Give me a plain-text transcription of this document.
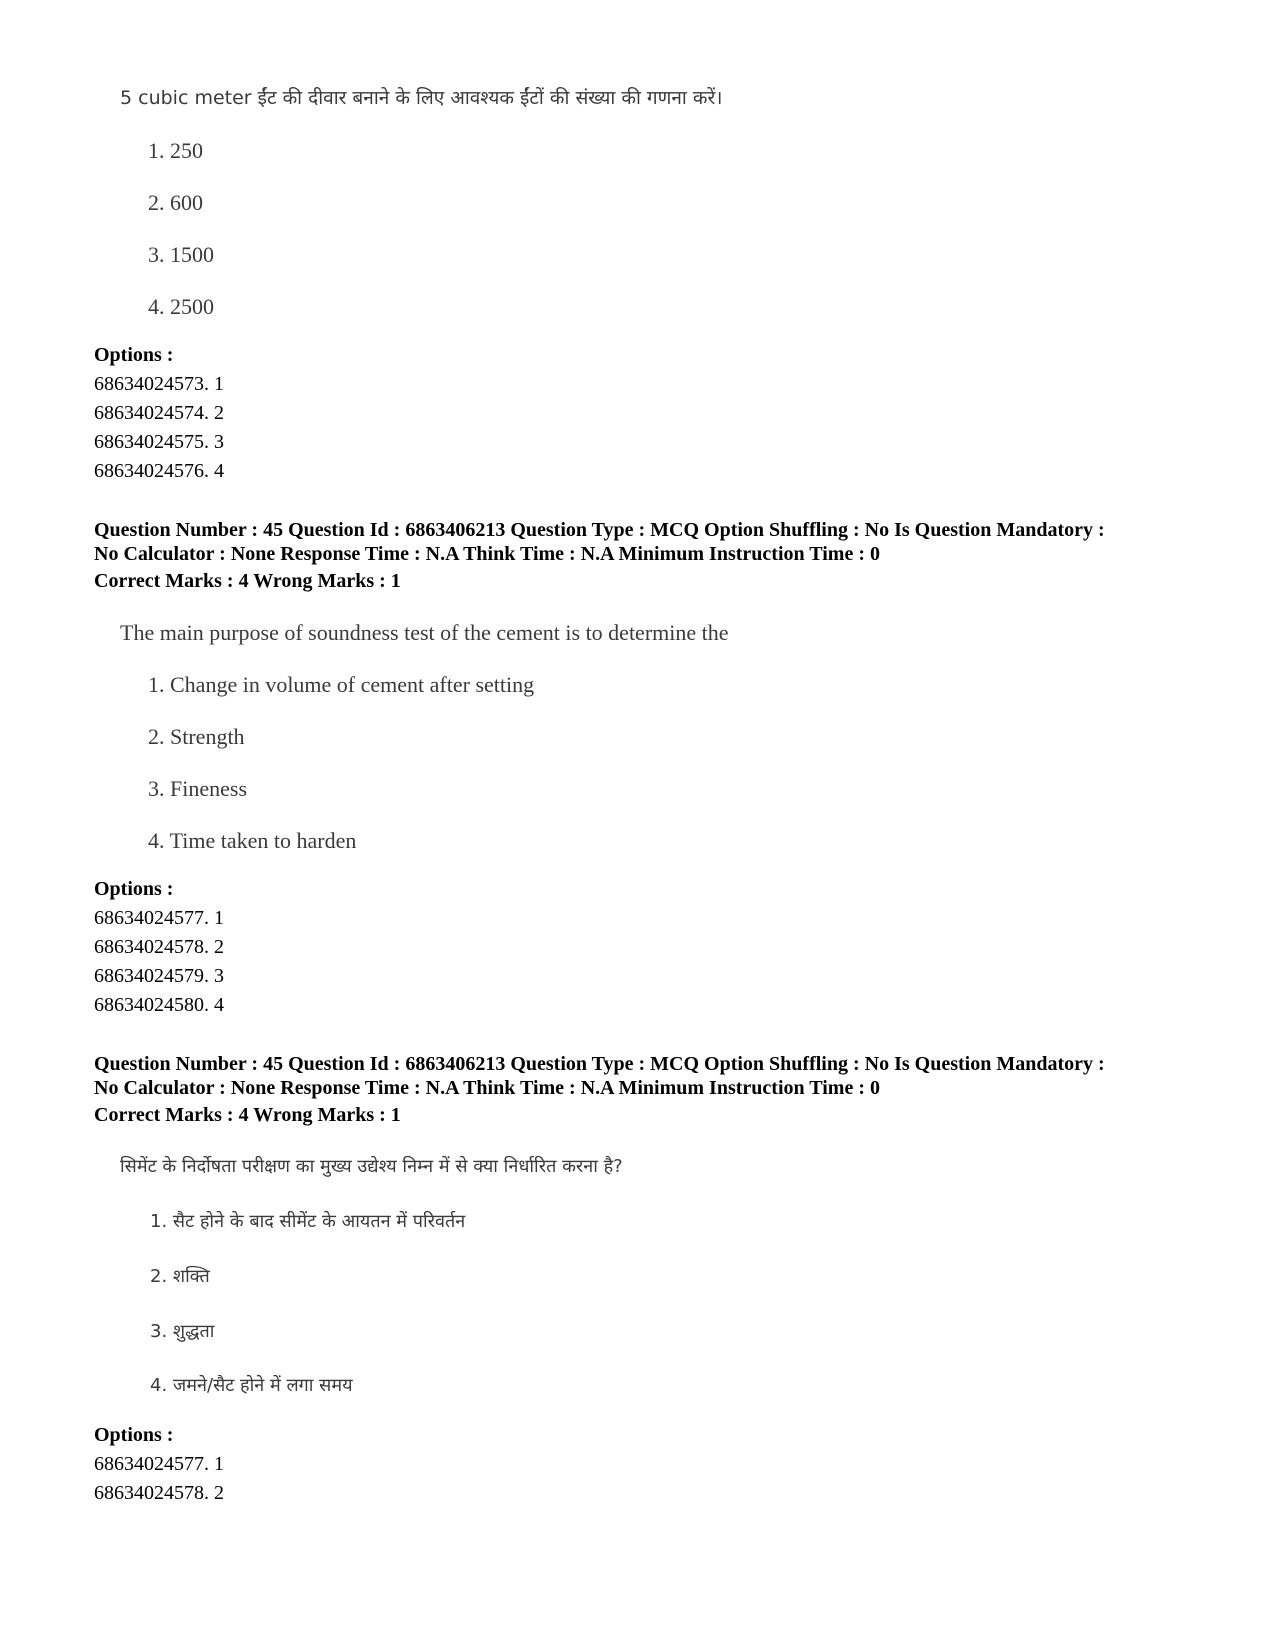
5 cubic meter ईंट की दीवार बनाने के लिए आवश्यक ईंटों की संख्या की गणना करें।
1. 250
2. 600
3. 1500
4. 2500
Options :
68634024573. 1
68634024574. 2
68634024575. 3
68634024576. 4
Question Number : 45 Question Id : 6863406213 Question Type : MCQ Option Shuffling : No Is Question Mandatory :
No Calculator : None Response Time : N.A Think Time : N.A Minimum Instruction Time : 0
Correct Marks : 4 Wrong Marks : 1
The main purpose of soundness test of the cement is to determine the
1. Change in volume of cement after setting
2. Strength
3. Fineness
4. Time taken to harden
Options :
68634024577. 1
68634024578. 2
68634024579. 3
68634024580. 4
Question Number : 45 Question Id : 6863406213 Question Type : MCQ Option Shuffling : No Is Question Mandatory :
No Calculator : None Response Time : N.A Think Time : N.A Minimum Instruction Time : 0
Correct Marks : 4 Wrong Marks : 1
सिमेंट के निर्दोषता परीक्षण का मुख्य उद्येश्य निम्न में से क्या निर्धारित करना है?
1. सैट होने के बाद सीमेंट के आयतन में परिवर्तन
2. शक्ति
3. शुद्धता
4. जमने/सैट होने में लगा समय
Options :
68634024577. 1
68634024578. 2
